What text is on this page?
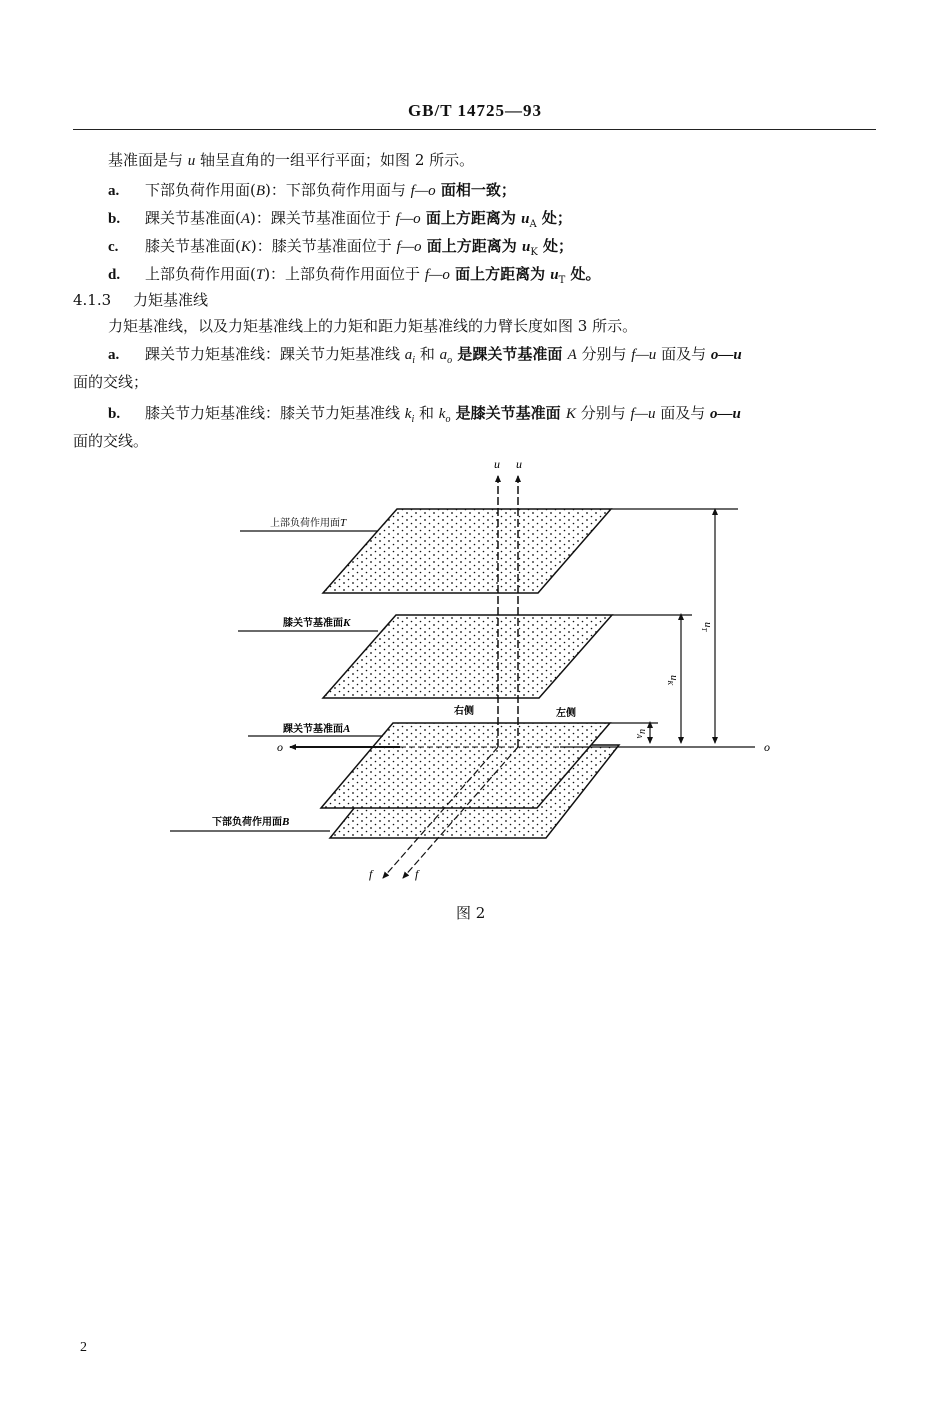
GB/T 14725—93
基准面是与 u 轴呈直角的一组平行平面；如图 2 所示。
a. 下部负荷作用面(B)：下部负荷作用面与 f—o 面相一致；
b. 踝关节基准面(A)：踝关节基准面位于 f—o 面上方距离为 $u_A$ 处；
c. 膝关节基准面(K)：膝关节基准面位于 f—o 面上方距离为 $u_K$ 处；
d. 上部负荷作用面(T)：上部负荷作用面位于 f—o 面上方距离为 $u_T$ 处。
4.1.3 力矩基准线
力矩基准线，以及力矩基准线上的力矩和距力矩基准线的力臂长度如图 3 所示。
a. 踝关节力矩基准线：踝关节力矩基准线 $a_i$ 和 $a_o$ 是踝关节基准面 A 分别与 f—u 面及与 o—u
面的交线；
b. 膝关节力矩基准线：膝关节力矩基准线 $k_i$ 和 $k_o$ 是膝关节基准面 K 分别与 f—u 面及与 o—u
面的交线。
u u
o	o
f	f
上部负荷作用面T
膝关节基准面K
踝关节基准面A
下部负荷作用面B
右侧	左侧
$u_T$
$u_K$
$u_A$
图 2
2
